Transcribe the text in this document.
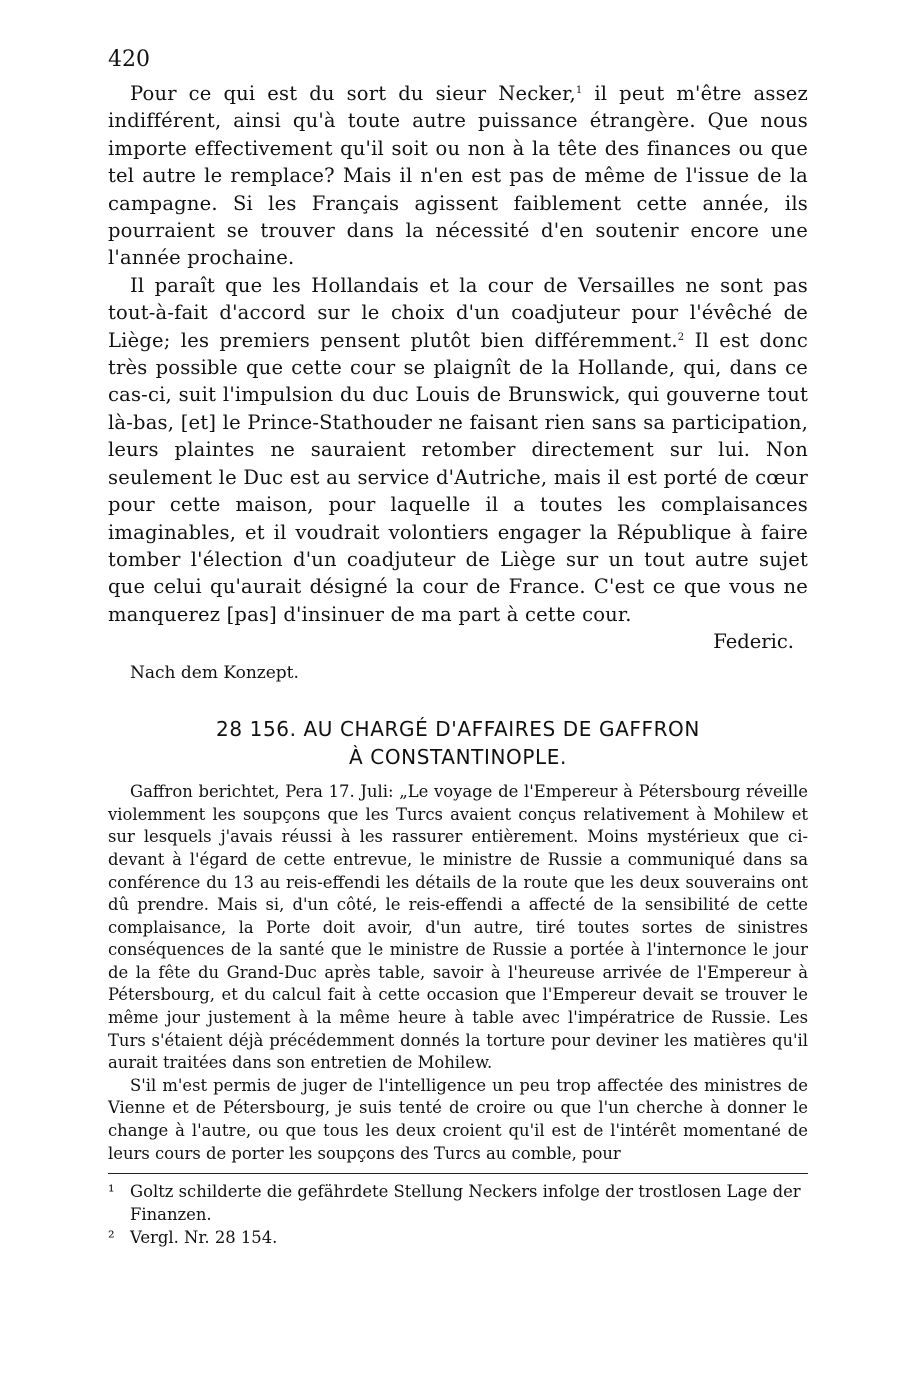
420

Pour ce qui est du sort du sieur Necker,$^1$ il peut m'être assez indifférent, ainsi qu'à toute autre puissance étrangère. Que nous importe effectivement qu'il soit ou non à la tête des finances ou que tel autre le remplace? Mais il n'en est pas de même de l'issue de la campagne. Si les Français agissent faiblement cette année, ils pourraient se trouver dans la nécessité d'en soutenir encore une l'année prochaine.

Il paraît que les Hollandais et la cour de Versailles ne sont pas tout-à-fait d'accord sur le choix d'un coadjuteur pour l'évêché de Liège; les premiers pensent plutôt bien différemment.$^2$ Il est donc très possible que cette cour se plaignît de la Hollande, qui, dans ce cas-ci, suit l'impulsion du duc Louis de Brunswick, qui gouverne tout là-bas, [et] le Prince-Stathouder ne faisant rien sans sa participation, leurs plaintes ne sauraient retomber directement sur lui. Non seulement le Duc est au service d'Autriche, mais il est porté de cœur pour cette maison, pour laquelle il a toutes les complaisances imaginables, et il voudrait volontiers engager la République à faire tomber l'élection d'un coadjuteur de Liège sur un tout autre sujet que celui qu'aurait désigné la cour de France. C'est ce que vous ne manquerez [pas] d'insinuer de ma part à cette cour.

Federic.
Nach dem Konzept.
28 156. AU CHARGÉ D'AFFAIRES DE GAFFRON
À CONSTANTINOPLE.

Gaffron berichtet, Pera 17. Juli: „Le voyage de l'Empereur à Pétersbourg réveille violemment les soupçons que les Turcs avaient conçus relativement à Mohilew et sur lesquels j'avais réussi à les rassurer entièrement. Moins mystérieux que ci-devant à l'égard de cette entrevue, le ministre de Russie a communiqué dans sa conférence du 13 au reis-effendi les détails de la route que les deux souverains ont dû prendre. Mais si, d'un côté, le reis-effendi a affecté de la sensibilité de cette complaisance, la Porte doit avoir, d'un autre, tiré toutes sortes de sinistres conséquences de la santé que le ministre de Russie a portée à l'internonce le jour de la fête du Grand-Duc après table, savoir à l'heureuse arrivée de l'Empereur à Pétersbourg, et du calcul fait à cette occasion que l'Empereur devait se trouver le même jour justement à la même heure à table avec l'impératrice de Russie. Les Turs s'étaient déjà précédemment donnés la torture pour deviner les matières qu'il aurait traitées dans son entretien de Mohilew.

S'il m'est permis de juger de l'intelligence un peu trop affectée des ministres de Vienne et de Pétersbourg, je suis tenté de croire ou que l'un cherche à donner le change à l'autre, ou que tous les deux croient qu'il est de l'intérêt momentané de leurs cours de porter les soupçons des Turcs au comble, pour

¹ Goltz schilderte die gefährdete Stellung Neckers infolge der trostlosen Lage der Finanzen.

² Vergl. Nr. 28 154.
